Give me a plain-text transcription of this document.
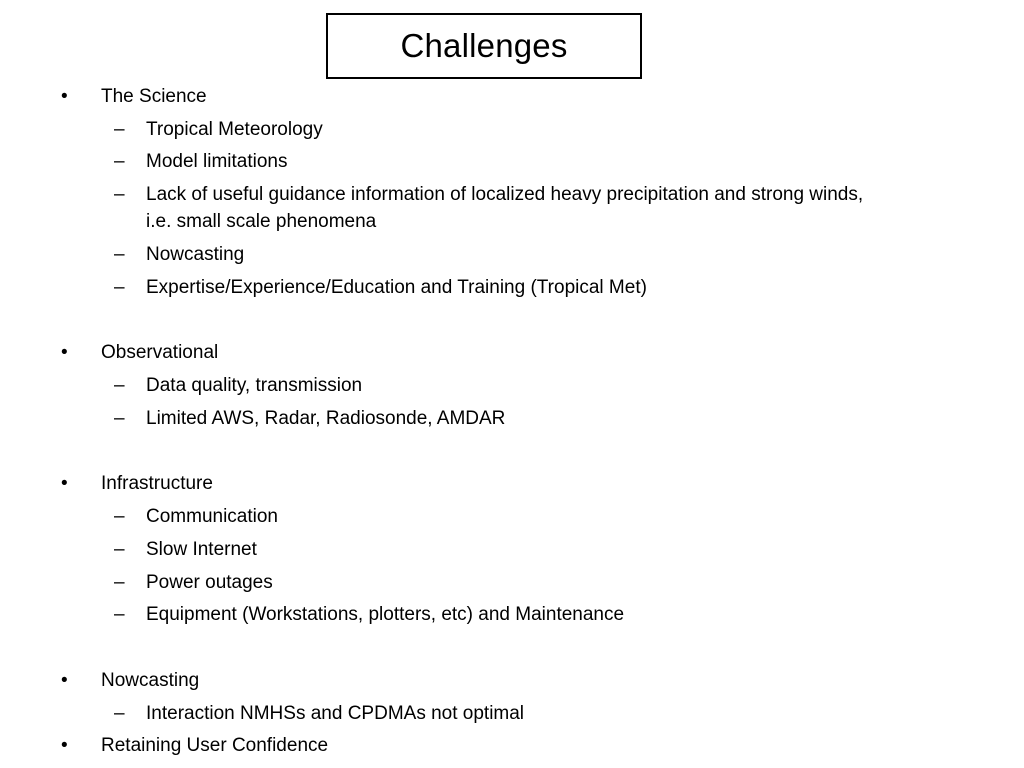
Challenges
• The Science
– Tropical Meteorology
– Model limitations
– Lack of useful guidance information of localized heavy precipitation and strong winds,
i.e. small scale phenomena
– Nowcasting
– Expertise/Experience/Education and Training (Tropical Met)
• Observational
– Data quality, transmission
– Limited AWS, Radar, Radiosonde, AMDAR
• Infrastructure
– Communication
– Slow Internet
– Power outages
– Equipment (Workstations, plotters, etc) and Maintenance
• Nowcasting
– Interaction NMHSs and CPDMAs not optimal
• Retaining User Confidence
